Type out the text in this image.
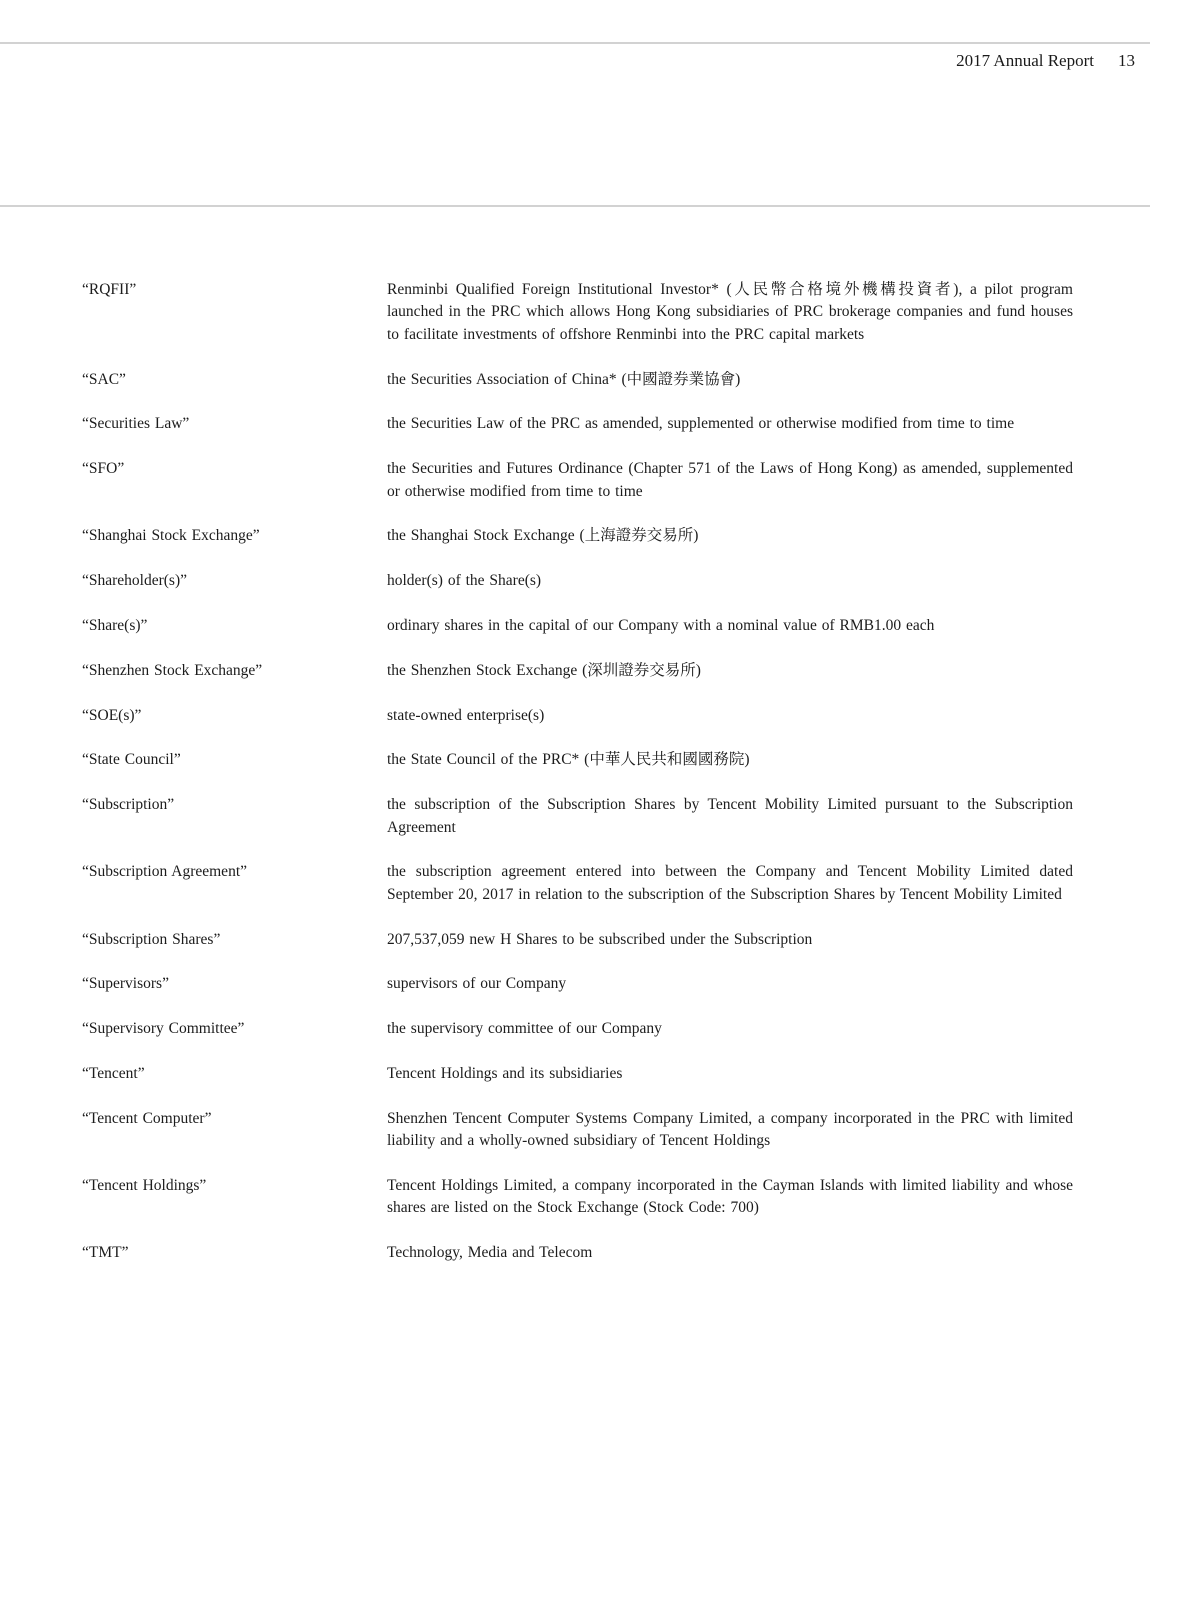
2017 Annual Report 13
“RQFII”	Renminbi Qualified Foreign Institutional Investor* (人民幣合格境外機構投資者), a pilot program launched in the PRC which allows Hong Kong subsidiaries of PRC brokerage companies and fund houses to facilitate investments of offshore Renminbi into the PRC capital markets
“SAC”	the Securities Association of China* (中國證券業協會)
“Securities Law”	the Securities Law of the PRC as amended, supplemented or otherwise modified from time to time
“SFO”	the Securities and Futures Ordinance (Chapter 571 of the Laws of Hong Kong) as amended, supplemented or otherwise modified from time to time
“Shanghai Stock Exchange”	the Shanghai Stock Exchange (上海證券交易所)
“Shareholder(s)”	holder(s) of the Share(s)
“Share(s)”	ordinary shares in the capital of our Company with a nominal value of RMB1.00 each
“Shenzhen Stock Exchange”	the Shenzhen Stock Exchange (深圳證券交易所)
“SOE(s)”	state-owned enterprise(s)
“State Council”	the State Council of the PRC* (中華人民共和國國務院)
“Subscription”	the subscription of the Subscription Shares by Tencent Mobility Limited pursuant to the Subscription Agreement
“Subscription Agreement”	the subscription agreement entered into between the Company and Tencent Mobility Limited dated September 20, 2017 in relation to the subscription of the Subscription Shares by Tencent Mobility Limited
“Subscription Shares”	207,537,059 new H Shares to be subscribed under the Subscription
“Supervisors”	supervisors of our Company
“Supervisory Committee”	the supervisory committee of our Company
“Tencent”	Tencent Holdings and its subsidiaries
“Tencent Computer”	Shenzhen Tencent Computer Systems Company Limited, a company incorporated in the PRC with limited liability and a wholly-owned subsidiary of Tencent Holdings
“Tencent Holdings”	Tencent Holdings Limited, a company incorporated in the Cayman Islands with limited liability and whose shares are listed on the Stock Exchange (Stock Code: 700)
“TMT”	Technology, Media and Telecom
